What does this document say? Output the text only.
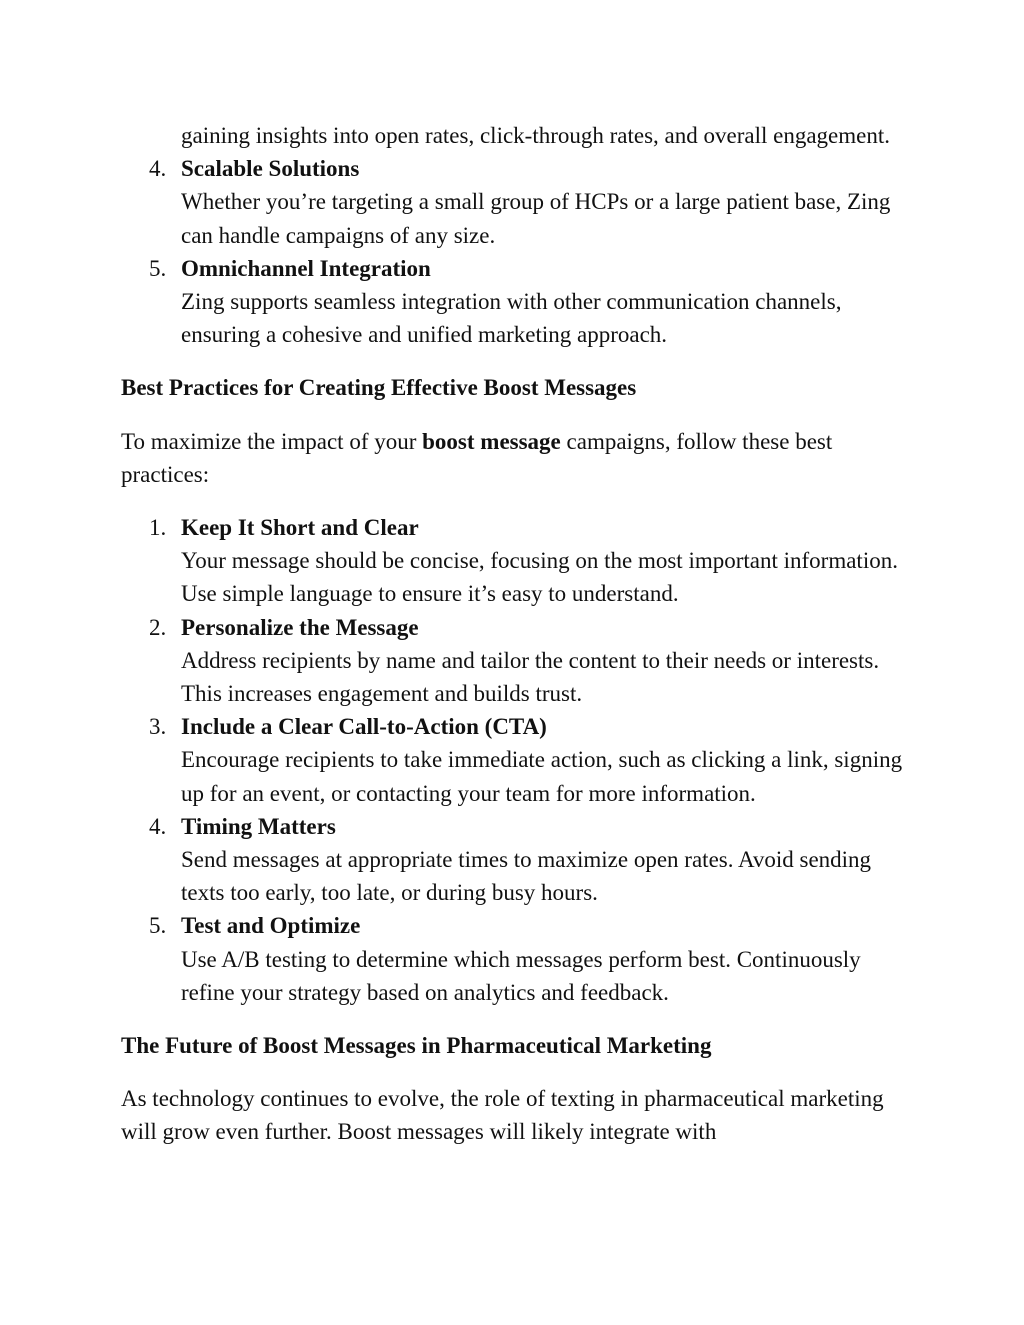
gaining insights into open rates, click-through rates, and overall engagement.
4. Scalable Solutions
Whether you’re targeting a small group of HCPs or a large patient base, Zing can handle campaigns of any size.
5. Omnichannel Integration
Zing supports seamless integration with other communication channels, ensuring a cohesive and unified marketing approach.
Best Practices for Creating Effective Boost Messages

To maximize the impact of your boost message campaigns, follow these best practices:

1. Keep It Short and Clear
Your message should be concise, focusing on the most important information. Use simple language to ensure it’s easy to understand.
2. Personalize the Message
Address recipients by name and tailor the content to their needs or interests. This increases engagement and builds trust.
3. Include a Clear Call-to-Action (CTA)
Encourage recipients to take immediate action, such as clicking a link, signing up for an event, or contacting your team for more information.
4. Timing Matters
Send messages at appropriate times to maximize open rates. Avoid sending texts too early, too late, or during busy hours.
5. Test and Optimize
Use A/B testing to determine which messages perform best. Continuously refine your strategy based on analytics and feedback.
The Future of Boost Messages in Pharmaceutical Marketing

As technology continues to evolve, the role of texting in pharmaceutical marketing will grow even further. Boost messages will likely integrate with
